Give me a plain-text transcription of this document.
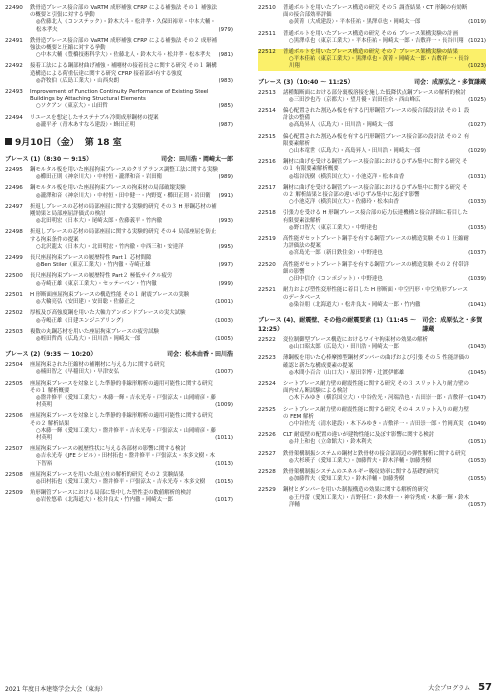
22490	鉄骨造ブレース接合部の VaRTM 成形補強 CFRP による補強法 その１ 補強法の概要と引張に対する挙動
◎佐藤北人（コンステック）・鈴木大斗・松井孝・久保田裕章・中本大輔・松本孝夫	(979)
22491	鉄骨造ブレース接合部の VaRTM 成形補強 CFRP による補強法 その２ 成形補強法の概要と圧縮に対する挙動
○中本大輔（豊橋技術科学大）・佐藤北人・鈴木大斗・松井孝・松本孝夫	(981)
22492	接着工法による鋼部材曲げ補強・補剛材の接着長さに関する研究 その１ 鋼構造構造による荷重伝達に関する研究 CFRP 接着部が有する強度
◎許牧伯（広島工業大）・山西央朗	(983)
22493	Improvement of Function Continuity Performance of Existing Steel Buildings by Attaching Structural Elements
○ソクアン（東京大）・山田哲	(985)
22494	リユースを想定したサステナブル冷間成形鋼材の提案
◎瀧平矛（青木あすなろ建設）・蜂田正明	(987)
9月10日（金） 第 18 室
ブレース (1)（8:30 〜 9:15）	司会：田川浩・岡崎太一郎
22495	鋼モルタル板を用いた座屈拘束ブレースのクリアランス調整工法に関する実験
◎櫛田正則（神奈川大）・中村恒・瀧澤和音・岩田衛	(989)
22496	鋼モルタル板を用いた座屈拘束ブレースの拘束材の局部破壊実験
◎瀧澤和音（神奈川大）・中村恒・田中健一・内野寛・櫛田正則・岩田衛	(991)
22497	折返しブレースの芯材の局部座屈に関する実験的研究 その３ H 形鋼芯材の補剛効果と局部座屈評価式の検討
◎北田明宏（日本大）・尾崎太郎・佐藤義平・竹内徹	(993)
22498	折返しブレースの芯材の局部座屈に関する実験的研究 その４ 局部座屈を防止する拘束条件の提案
○北沢龍太（日本大）・北田明宏・竹内徹・中西三和・安達洋	(995)
22499	長尺座屈拘束ブレースの履歴特性 Part１ 芯材間隙
◎Ben Stiler（東京工業大）・竹内徹・寺崎正雄	(997)
22500	長尺座屈拘束ブレースの履歴特性 Part２ 極低サイクル疲労
◎寺崎正雄（東京工業大）・セッテーベン・竹内徹	(999)
22501	H 形断面座屈拘束ブレースの構造性能 その１ 耐震ブレースの実験
◎大輪亮弘（安田建）・安田聡・佐藤正之	(1001)
22502	厚板及び高強度鋼を用いた大軸力アンボンドブレースの実大試験
◎寺嶋正雄（日建エンジニアリング）	(1003)
22503	複数の丸鋼芯材を用いた座屈拘束ブレースの疲労試験
◎蛭田哲尚（広島大）・田川浩・岡崎太一郎	(1005)
ブレース (2)（9:35 〜 10:20）	司会：松本由香・田川浩
22504	座屈拘束された圧縮材の補剛材に与える力に関する研究
◎楠田智之（早稲田大）・早津安弘	(1007)
22505	座屈拘束ブレースを対象とした準静的非線形解析の適用可能性に関する研究 その１ 解析概要
◎盤井修平（愛知工業大）・木藤一輝・吉永光寿・戸張涼太・山岡晴彦・藤村英明	(1009)
22506	座屈拘束ブレースを対象とした準静的非線形解析の適用可能性に関する研究 その２ 解析結果
○木藤一輝（愛知工業大）・盤井修平・吉永光寿・戸張涼太・山岡晴彦・藤村英明	(1011)
22507	座屈拘束ブレースの履歴性状に与える各部材の影響に関する検討
◎吉永光寿（JFE シビル）・田村拓也・盤井修平・戸張涼太・本多文樹・木下智裕	(1013)
22508	座屈拘束ブレースを用いた組立柱の解析的研究 その２ 実験結果
◎田村拓也（愛知工業大）・盤井修平・戸張涼太・吉永光寿・本多文樹	(1015)
22509	角形鋼管ブレースにおける局部に集中した塑性歪の数値解析的検討
◎岩佐悠希（北海道大）・松井良太・竹内徹・岡崎太一郎	(1017)
22510	普通ボルトを用いたブレース構造の研究 その５ 調査結果・CT 形鋼の有効断面の接合部効率評価
◎黄菁（大成建設）・平本佳祐・黒澤卓也・岡崎太一郎	(1019)
22511	普通ボルトを用いたブレース構造の研究 その６ ブレース架構実験の計画
○黒澤卓也（東京工業大）・平本佳祐・岡崎太一郎・吉敷祥一・長谷川翔 (1021)
22512	普通ボルトを用いたブレース構造の研究 その７ ブレース架構実験の結果
○平本佳祐（東京工業大）・黒澤卓也・黄菁・岡崎太一郎・吉敷祥一・長谷川翔	(1023)
ブレース (3)（10:40 〜 11:25）	司会：成原弘之・多賀謙蔵
22513	諸種類断面における部分裏板溶接を施した低降伏点鋼ブレースの解析的検討
◎三田沙也乃（京都大）・望月優・岩田佳奈・西山峰広	(1025)
22514	偏心配置された割込み板を有する円形鋼管ブレースの接合部設計法 その１ 設計法の整備
◎高島昇人（広島大）・田川浩・岡崎太一郎	(1027)
22515	偏心配置された割込み板を有する円形鋼管ブレース接合部の設計法 その２ 有限要素解析
○山本竜世（広島大）・高島昇人・田川浩・岡崎太一郎	(1029)
22516	鋼材に曲げを受ける鋼管ブレース接合部におけるひずみ集中に関する研究 その１ 有限要素解析概要
◎塩谷洸樹（横浜国立大）・小池克洋・松本由香	(1031)
22517	鋼材に曲げを受ける鋼管ブレース接合部におけるひずみ集中に関する研究 その２ 解析結果と接合部の違いがひずみ集中に及ぼす影響
○小池克洋（横浜国立大）・佐藤玲・松本由香	(1033)
22518	引張力を受ける H 形鋼ブレース接合部の応力伝達機構と接合詳細に着目した有限要素法解析
◎野口智大（東京工業大）・中野達也	(1035)
22519	高性能ガセットプレート鋼手を有する鋼管ブレースの構造実験 その１ 圧縮耐力評価法の提案
◎宮島光一郎（新日鉄住金）・中野達也	(1037)
22520	高性能ガセットプレート鋼手を有する鋼管ブレースの構造実験 その２ 付帯詳細の影響
○田中信介（コンポジット）・中野達也	(1039)
22521	耐力および塑性変形性能に着目した H 形断面・中空円形・中空角形ブレースのデータベース
◎染谷朋（北海道大）・松井良太・岡崎太一郎・竹内徹	(1041)
ブレース (4)、耐震壁、その他の耐震要素 (1)（11:45 〜 12:25）
司会：成原弘之・多賀謙蔵
22522	変位制御型ブレース構造におけるワイヤ拘束材の効果の解析
◎山口昭太郎（広島大）・田川浩・岡崎太一郎	(1043)
22523	薄鋼板を用いた心棒摩擦型鋼材ダンパーの曲げおよび引張 その５ 性能評価の確認と新たな構成要素の提案
◎木間小百合（山口大）・原田幸博・辻渡伊都雄	(1045)
22524	シートブレース耐力壁の耐震性能に関する研究 その３ スリット入り耐力壁の面内せん断試験による検討
○木下みゆき（横浜国立大）・中谷佐光・河端浩也・吉田崇一郎・吉敷祥一 (1047)
22525	シートブレース耐力壁の耐震性能に関する研究 その４ スリット入りの耐力壁の FEM 解析
○中谷佐光（清水建設）・木下みゆき・吉敷祥一・吉田崇一郎・竹岡真実 (1049)
22526	CLT 耐震壁の配置の違いが建物性能に及ぼす影響に関する検討
◎井上和也（立命館大）・鈴木利夫	(1051)
22527	鉄骨架構制振システムの鋼材と鉄骨材の接合部周辺の弾性解析に関する研究
◎大杉瑛子（愛知工業大）・加藤哲夫・鈴木洋輔・加藤秀樹	(1053)
22528	鉄骨架構制振システムのエネルギー吸収効率に関する基礎的研究
◎加藤哲夫（愛知工業大）・鈴木洋輔・加藤秀樹	(1055)
22529	鋼材とダンパーを用いた制振構造の効果に関する解析的研究
◎王丹蕾（愛知工業大）・吉野佳仁・鈴木修一・神谷秀成・木藤一輝・鈴木洋輔	(1057)
2021 年度日本建築学会大会（東海）	大会プログラム 57
